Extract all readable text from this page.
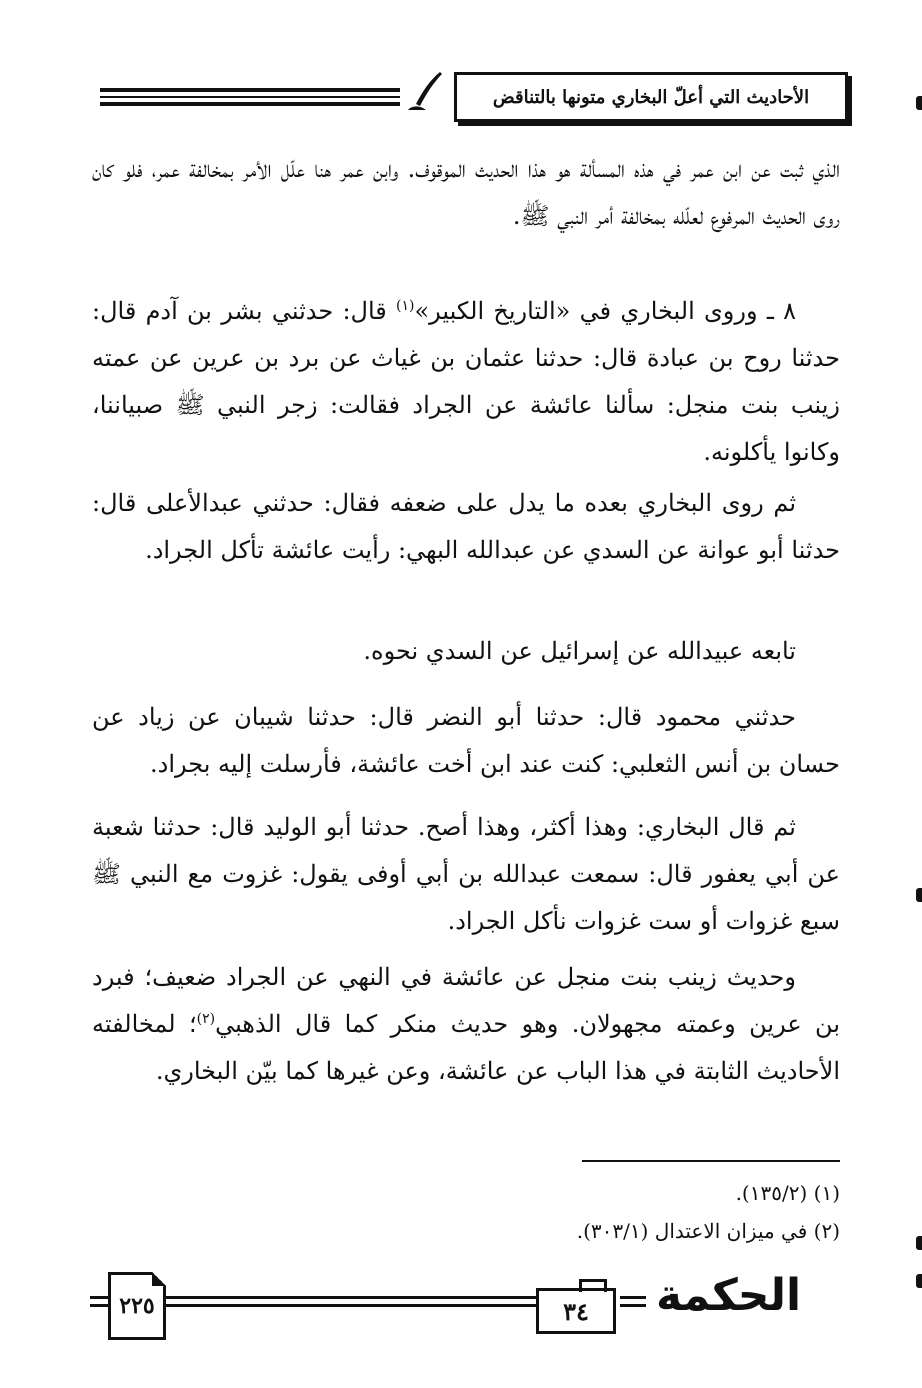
الأحاديث التي أعلّ البخاري متونها بالتناقض

الذي ثبت عن ابن عمر في هذه المسألة هو هذا الحديث الموقوف. وابن عمر هنا علّل الأمر بمخالفة عمر، فلو كان روى الحديث المرفوع لعلّله بمخالفة أمر النبي ﷺ.

٨ ـ وروى البخاري في «التاريخ الكبير»$^{(١)}$ قال: حدثني بشر بن آدم قال: حدثنا روح بن عبادة قال: حدثنا عثمان بن غياث عن برد بن عرين عن عمته زينب بنت منجل: سألنا عائشة عن الجراد فقالت: زجر النبي ﷺ صبياننا، وكانوا يأكلونه.

ثم روى البخاري بعده ما يدل على ضعفه فقال: حدثني عبدالأعلى قال: حدثنا أبو عوانة عن السدي عن عبدالله البهي: رأيت عائشة تأكل الجراد.

تابعه عبيدالله عن إسرائيل عن السدي نحوه.

حدثني محمود قال: حدثنا أبو النضر قال: حدثنا شيبان عن زياد عن حسان بن أنس الثعلبي: كنت عند ابن أخت عائشة، فأرسلت إليه بجراد.

ثم قال البخاري: وهذا أكثر، وهذا أصح. حدثنا أبو الوليد قال: حدثنا شعبة عن أبي يعفور قال: سمعت عبدالله بن أبي أوفى يقول: غزوت مع النبي ﷺ سبع غزوات أو ست غزوات نأكل الجراد.

وحديث زينب بنت منجل عن عائشة في النهي عن الجراد ضعيف؛ فبرد بن عرين وعمته مجهولان. وهو حديث منكر كما قال الذهبي$^{(٢)}$؛ لمخالفته الأحاديث الثابتة في هذا الباب عن عائشة، وعن غيرها كما بيّن البخاري.

(١) (١٣٥/٢).
(٢) في ميزان الاعتدال (٣٠٣/١).
٢٢٥	٣٤ الحكمة
